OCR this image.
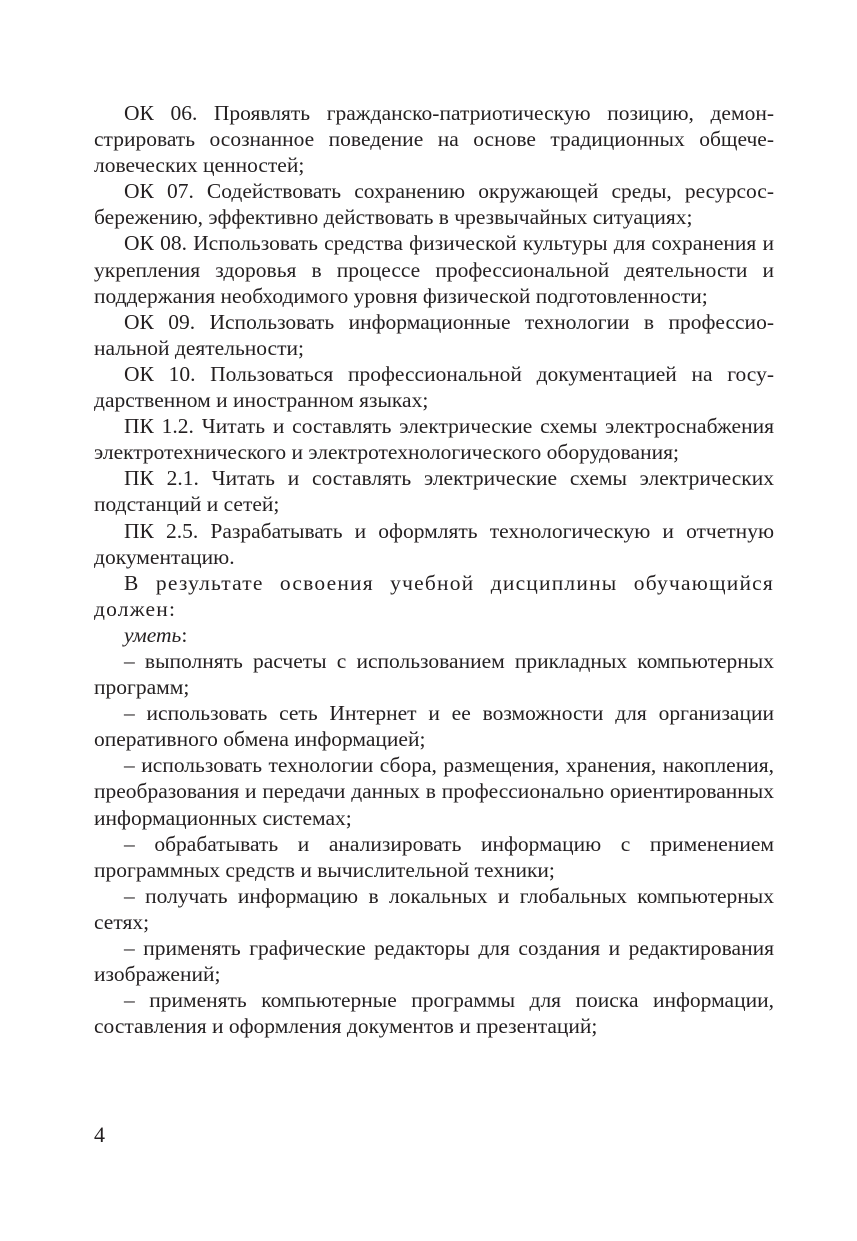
ОК 06. Проявлять гражданско-патриотическую позицию, демонстрировать осознанное поведение на основе традиционных общечеловеческих ценностей;

ОК 07. Содействовать сохранению окружающей среды, ресурсосбережению, эффективно действовать в чрезвычайных ситуациях;

ОК 08. Использовать средства физической культуры для сохранения и укрепления здоровья в процессе профессиональной деятельности и поддержания необходимого уровня физической подготовленности;

ОК 09. Использовать информационные технологии в профессиональной деятельности;

ОК 10. Пользоваться профессиональной документацией на государственном и иностранном языках;

ПК 1.2. Читать и составлять электрические схемы электроснабжения электротехнического и электротехнологического оборудования;

ПК 2.1. Читать и составлять электрические схемы электрических подстанций и сетей;

ПК 2.5. Разрабатывать и оформлять технологическую и отчетную документацию.

В результате освоения учебной дисциплины обучающийся должен:

уметь:

– выполнять расчеты с использованием прикладных компьютерных программ;

– использовать сеть Интернет и ее возможности для организации оперативного обмена информацией;

– использовать технологии сбора, размещения, хранения, накопления, преобразования и передачи данных в профессионально ориентированных информационных системах;

– обрабатывать и анализировать информацию с применением программных средств и вычислительной техники;

– получать информацию в локальных и глобальных компьютерных сетях;

– применять графические редакторы для создания и редактирования изображений;

– применять компьютерные программы для поиска информации, составления и оформления документов и презентаций;

4
